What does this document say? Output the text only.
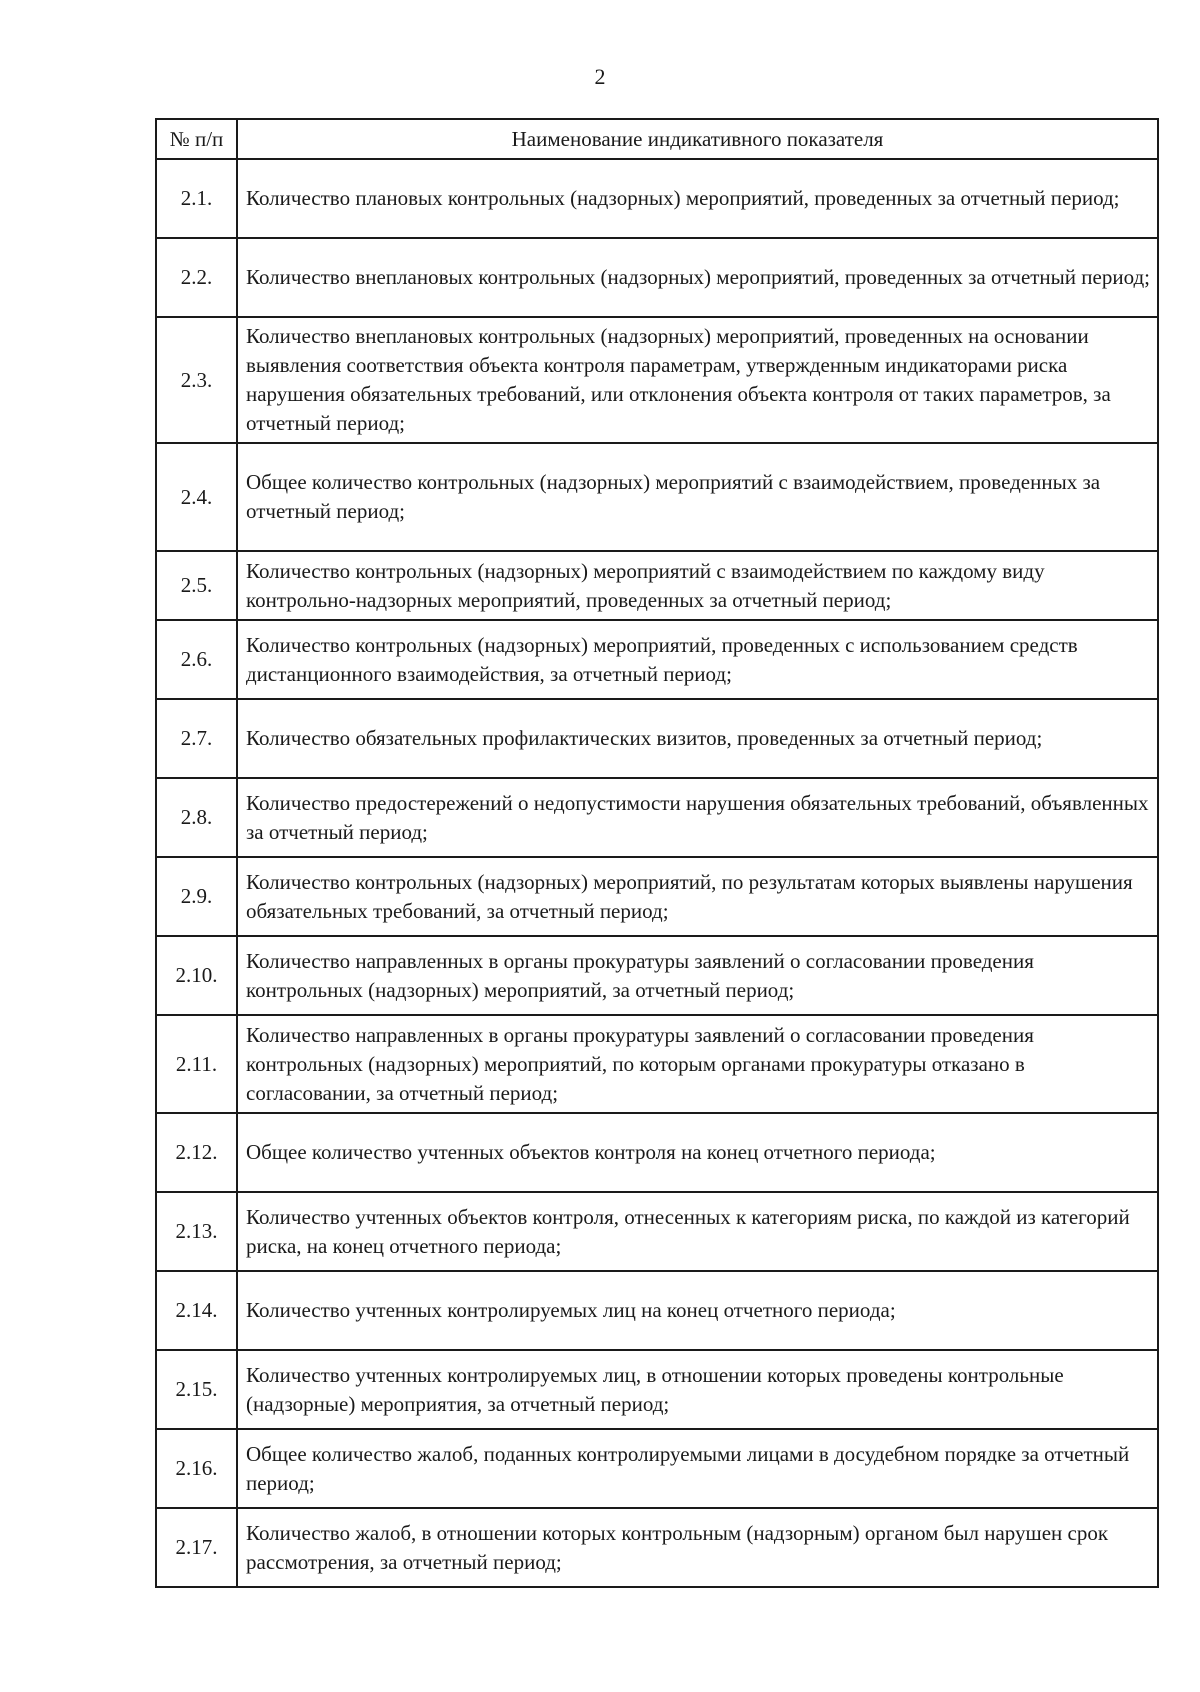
2
№ п/п	Наименование индикативного показателя
2.1.	Количество плановых контрольных (надзорных) мероприятий, проведенных за отчетный период;
2.2.	Количество внеплановых контрольных (надзорных) мероприятий, проведенных за отчетный период;
2.3.	Количество внеплановых контрольных (надзорных) мероприятий, проведенных на основании выявления соответствия объекта контроля параметрам, утвержденным индикаторами риска нарушения обязательных требований, или отклонения объекта контроля от таких параметров, за отчетный период;
2.4.	Общее количество контрольных (надзорных) мероприятий с взаимодействием, проведенных за отчетный период;
2.5.	Количество контрольных (надзорных) мероприятий с взаимодействием по каждому виду контрольно-надзорных мероприятий, проведенных за отчетный период;
2.6.	Количество контрольных (надзорных) мероприятий, проведенных с использованием средств дистанционного взаимодействия, за отчетный период;
2.7.	Количество обязательных профилактических визитов, проведенных за отчетный период;
2.8.	Количество предостережений о недопустимости нарушения обязательных требований, объявленных за отчетный период;
2.9.	Количество контрольных (надзорных) мероприятий, по результатам которых выявлены нарушения обязательных требований, за отчетный период;
2.10.	Количество направленных в органы прокуратуры заявлений о согласовании проведения контрольных (надзорных) мероприятий, за отчетный период;
2.11.	Количество направленных в органы прокуратуры заявлений о согласовании проведения контрольных (надзорных) мероприятий, по которым органами прокуратуры отказано в согласовании, за отчетный период;
2.12.	Общее количество учтенных объектов контроля на конец отчетного периода;
2.13.	Количество учтенных объектов контроля, отнесенных к категориям риска, по каждой из категорий риска, на конец отчетного периода;
2.14.	Количество учтенных контролируемых лиц на конец отчетного периода;
2.15.	Количество учтенных контролируемых лиц, в отношении которых проведены контрольные (надзорные) мероприятия, за отчетный период;
2.16.	Общее количество жалоб, поданных контролируемыми лицами в досудебном порядке за отчетный период;
2.17.	Количество жалоб, в отношении которых контрольным (надзорным) органом был нарушен срок рассмотрения, за отчетный период;
